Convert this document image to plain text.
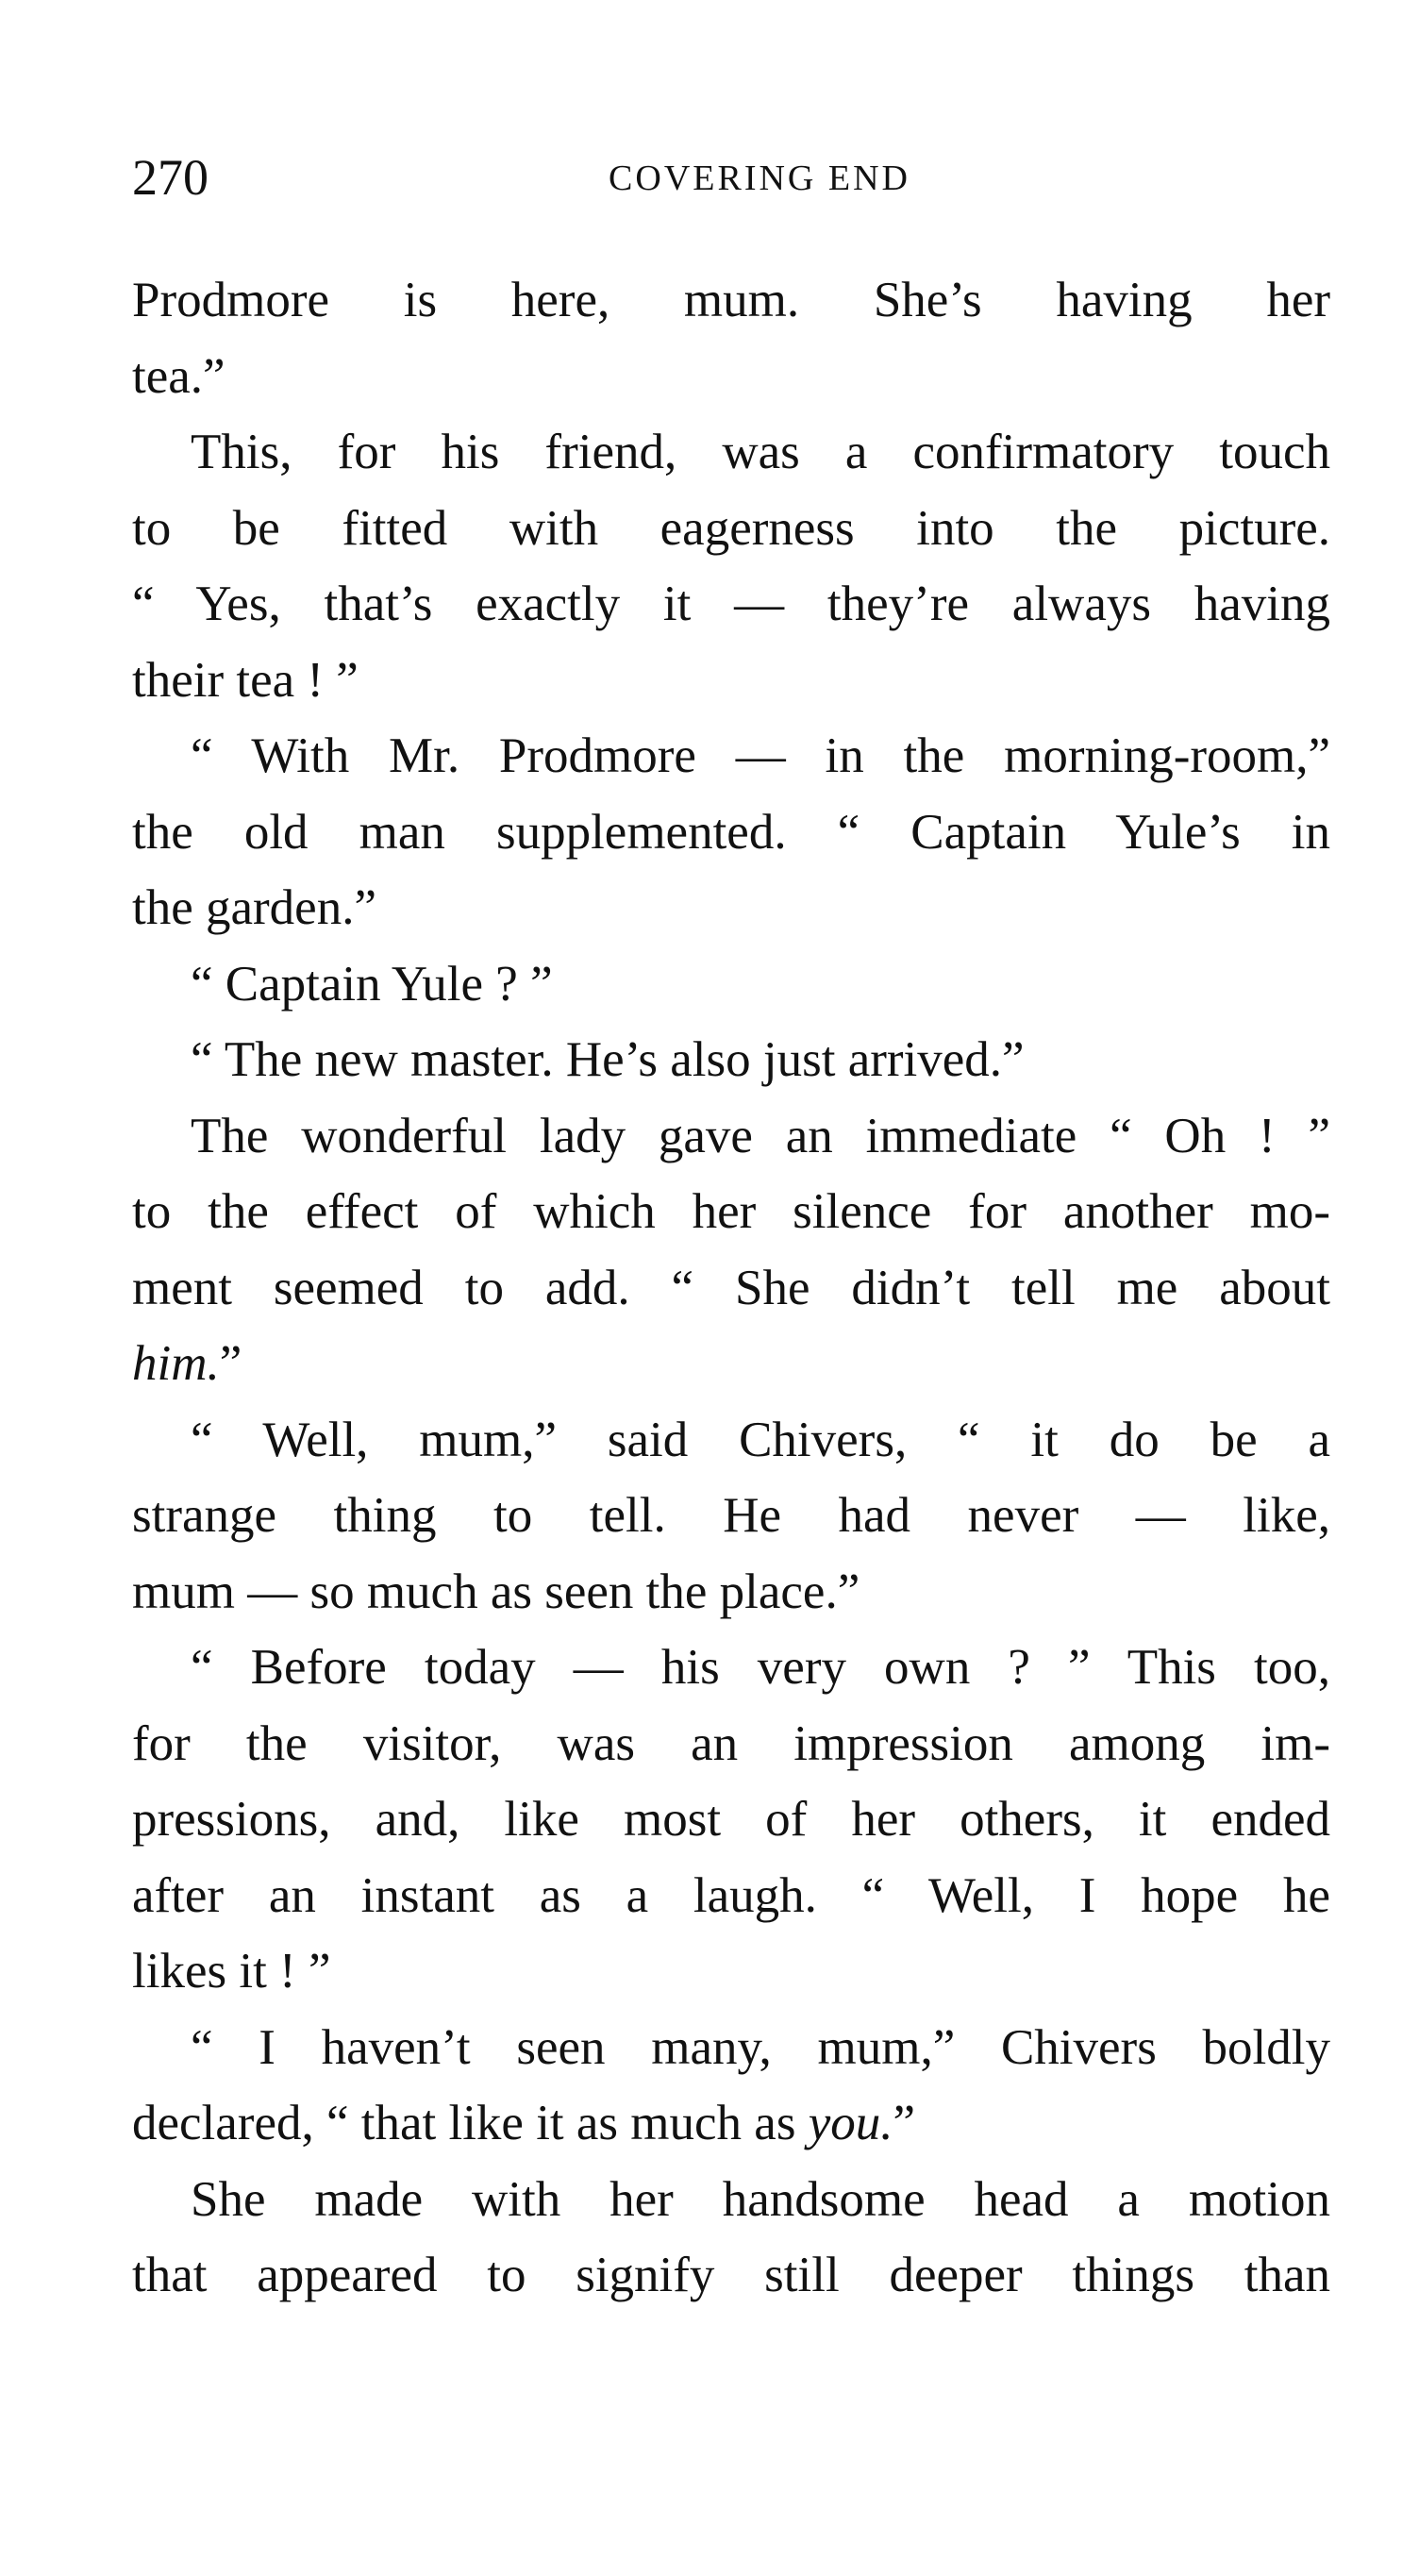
270	COVERING END
Prodmore is here, mum. She’s having her
tea.”
This, for his friend, was a confirmatory touch
to be fitted with eagerness into the picture.
“ Yes, that’s exactly it — they’re always having
their tea ! ”
“ With Mr. Prodmore — in the morning-room,”
the old man supplemented. “ Captain Yule’s in
the garden.”
“ Captain Yule ? ”
“ The new master. He’s also just arrived.”
The wonderful lady gave an immediate “ Oh ! ”
to the effect of which her silence for another mo-
ment seemed to add. “ She didn’t tell me about
him.”
“ Well, mum,” said Chivers, “ it do be a
strange thing to tell. He had never — like,
mum — so much as seen the place.”
“ Before today — his very own ? ” This too,
for the visitor, was an impression among im-
pressions, and, like most of her others, it ended
after an instant as a laugh. “ Well, I hope he
likes it ! ”
“ I haven’t seen many, mum,” Chivers boldly
declared, “ that like it as much as you.”
She made with her handsome head a motion
that appeared to signify still deeper things than
